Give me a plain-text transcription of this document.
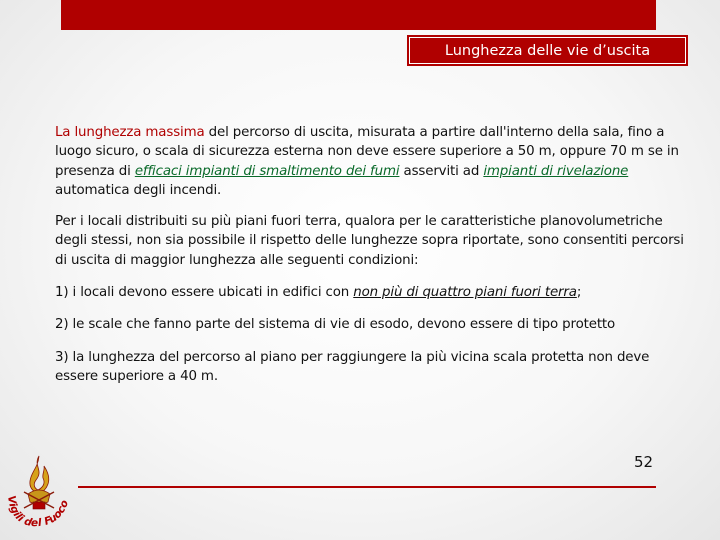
Lunghezza delle vie d’uscita

La lunghezza massima del percorso di uscita, misurata a partire dall'interno della sala, fino a luogo sicuro, o scala di sicurezza esterna non deve essere superiore a 50 m, oppure 70 m se in presenza di efficaci impianti di smaltimento dei fumi asserviti ad impianti di rivelazione automatica degli incendi.

Per i locali distribuiti su più piani fuori terra, qualora per le caratteristiche planovolumetriche degli stessi, non sia possibile il rispetto delle lunghezze sopra riportate, sono consentiti percorsi di uscita di maggior lunghezza alle seguenti condizioni:

1) i locali devono essere ubicati in edifici con non più di quattro piani fuori terra;

2) le scale che fanno parte del sistema di vie di esodo, devono essere di tipo protetto

3) la lunghezza del percorso al piano per raggiungere la più vicina scala protetta non deve essere superiore a 40 m.

52
Vigili del Fuoco
